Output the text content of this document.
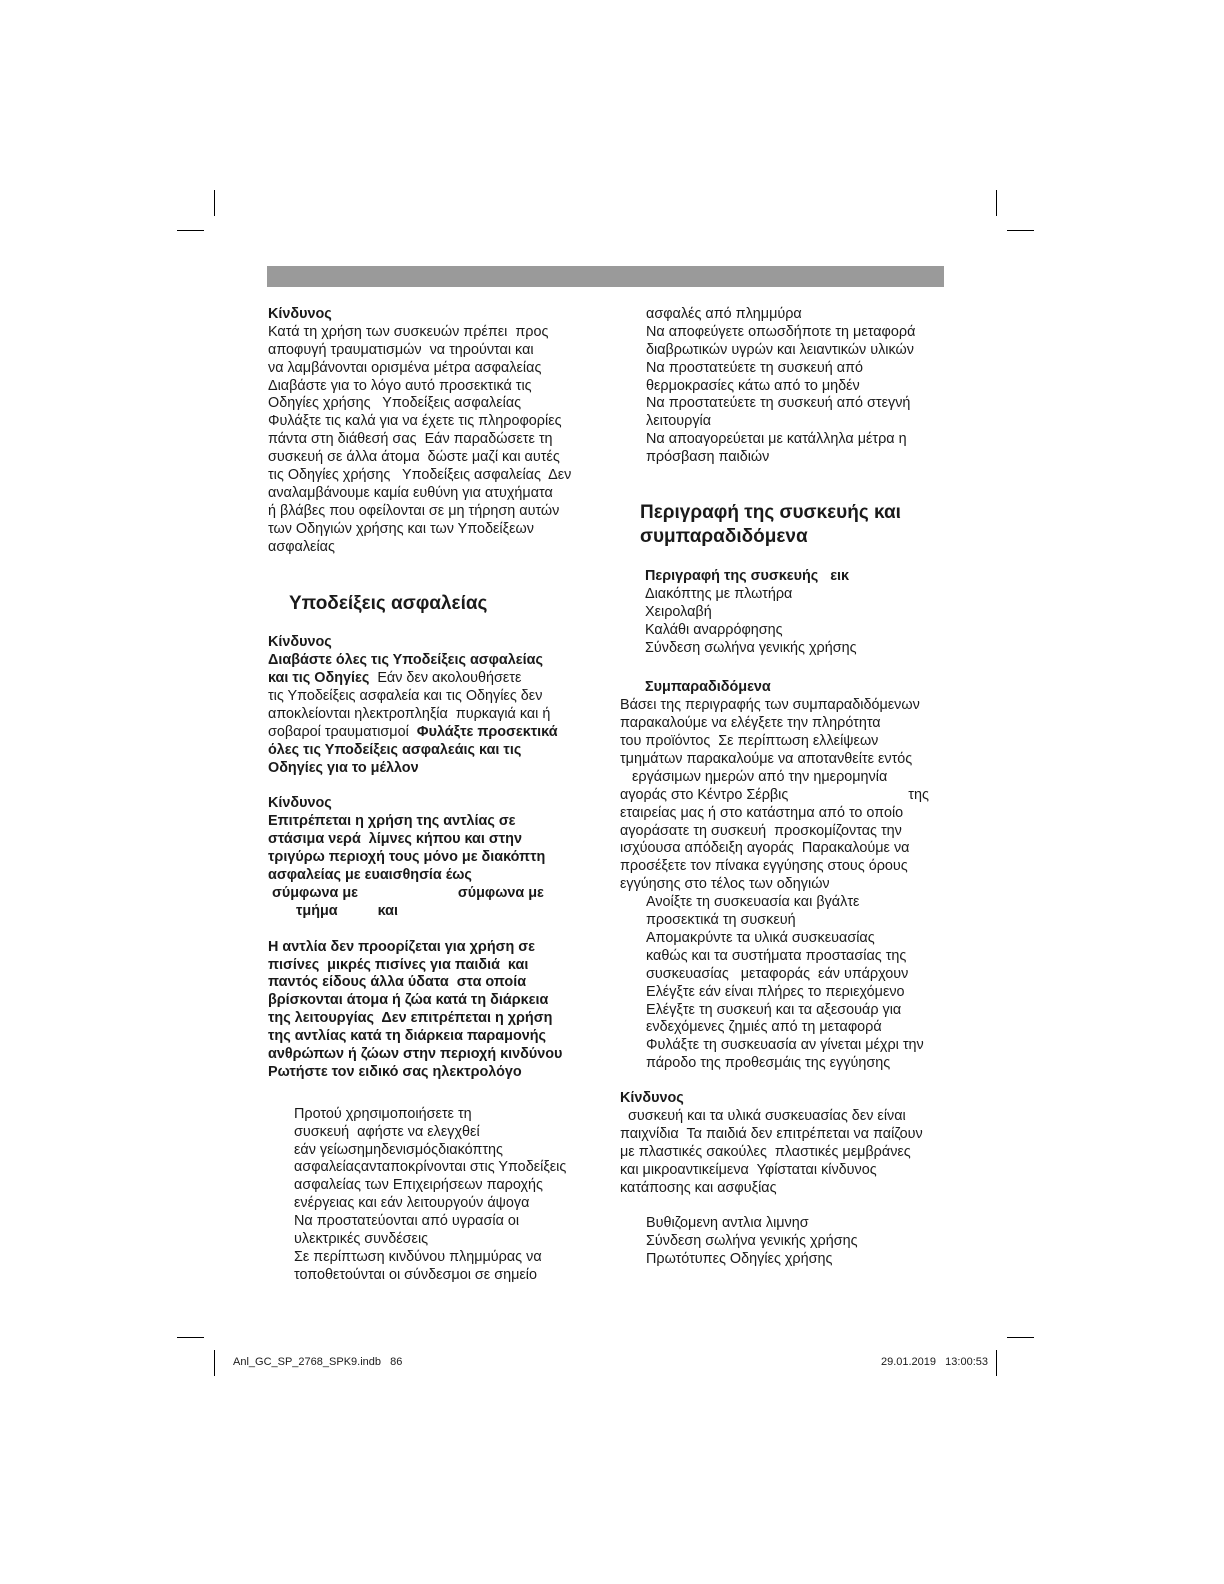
Κίνδυνος
Κατά τη χρήση των συσκευών πρέπει  προς
αποφυγή τραυματισμών  να τηρούνται και
να λαμβάνονται ορισμένα μέτρα ασφαλείας
Διαβάστε για το λόγο αυτό προσεκτικά τις
Οδηγίες χρήσης   Υποδείξεις ασφαλείας
Φυλάξτε τις καλά για να έχετε τις πληροφορίες
πάντα στη διάθεσή σας  Εάν παραδώσετε τη
συσκευή σε άλλα άτομα  δώστε μαζί και αυτές
τις Οδηγίες χρήσης   Υποδείξεις ασφαλείας  Δεν
αναλαμβάνουμε καμία ευθύνη για ατυχήματα
ή βλάβες που οφείλονται σε μη τήρηση αυτών
των Οδηγιών χρήσης και των Υποδείξεων
ασφαλείας
Υποδείξεις ασφαλείας
Κίνδυνος
Διαβάστε όλες τις Υποδείξεις ασφαλείας
και τις Οδηγίες  Εάν δεν ακολουθήσετε
τις Υποδείξεις ασφαλεία και τις Οδηγίες δεν
αποκλείονται ηλεκτροπληξία  πυρκαγιά και ή
σοβαροί τραυματισμοί  Φυλάξτε προσεκτικά
όλες τις Υποδείξεις ασφαλεάις και τις
Οδηγίες για το μέλλον
Κίνδυνος
Επιτρέπεται η χρήση της αντλίας σε
στάσιμα νερά  λίμνες κήπου και στην
τριγύρω περιοχή τους μόνο με διακόπτη
ασφαλείας με ευαισθησία έως
σύμφωνα με                         σύμφωνα με
τμήμα          και
Η αντλία δεν προορίζεται για χρήση σε
πισίνες  μικρές πισίνες για παιδιά  και
παντός είδους άλλα ύδατα  στα οποία
βρίσκονται άτομα ή ζώα κατά τη διάρκεια
της λειτουργίας  Δεν επιτρέπεται η χρήση
της αντλίας κατά τη διάρκεια παραμονής
ανθρώπων ή ζώων στην περιοχή κινδύνου
Ρωτήστε τον ειδικό σας ηλεκτρολόγο
Προτού χρησιμοποιήσετε τη
συσκευή  αφήστε να ελεγχθεί
εάν γείωσημηδενισμόςδιακόπτης
ασφαλείαςανταποκρίνονται στις Υποδείξεις
ασφαλείας των Επιχειρήσεων παροχής
ενέργειας και εάν λειτουργούν άψογα
Να προστατεύονται από υγρασία οι
υλεκτρικές συνδέσεις
Σε περίπτωση κινδύνου πλημμύρας να
τοποθετούνται οι σύνδεσμοι σε σημείο
ασφαλές από πλημμύρα
Να αποφεύγετε οπωσδήποτε τη μεταφορά
διαβρωτικών υγρών και λειαντικών υλικών
Να προστατεύετε τη συσκευή από
θερμοκρασίες κάτω από το μηδέν
Να προστατεύετε τη συσκευή από στεγνή
λειτουργία
Να αποαγορεύεται με κατάλληλα μέτρα η
πρόσβαση παιδιών
Περιγραφή της συσκευής και
συμπαραδιδόμενα
Περιγραφή της συσκευής   εικ
Διακόπτης με πλωτήρα
Χειρολαβή
Καλάθι αναρρόφησης
Σύνδεση σωλήνα γενικής χρήσης
Συμπαραδιδόμενα
Βάσει της περιγραφής των συμπαραδιδόμενων
παρακαλούμε να ελέγξετε την πληρότητα
του προϊόντος  Σε περίπτωση ελλείψεων
τμημάτων παρακαλούμε να αποτανθείτε εντός
εργάσιμων ημερών από την ημερομηνία
αγοράς στο Κέντρο Σέρβις                              της
εταιρείας μας ή στο κατάστημα από το οποίο
αγοράσατε τη συσκευή  προσκομίζοντας την
ισχύουσα απόδειξη αγοράς  Παρακαλούμε να
προσέξετε τον πίνακα εγγύησης στους όρους
εγγύησης στο τέλος των οδηγιών
Ανοίξτε τη συσκευασία και βγάλτε
προσεκτικά τη συσκευή
Απομακρύντε τα υλικά συσκευασίας
καθώς και τα συστήματα προστασίας της
συσκευασίας   μεταφοράς  εάν υπάρχουν
Ελέγξτε εάν είναι πλήρες το περιεχόμενο
Ελέγξτε τη συσκευή και τα αξεσουάρ για
ενδεχόμενες ζημιές από τη μεταφορά
Φυλάξτε τη συσκευασία αν γίνεται μέχρι την
πάροδο της προθεσμάις της εγγύησης
Κίνδυνος
συσκευή και τα υλικά συσκευασίας δεν είναι
παιχνίδια  Τα παιδιά δεν επιτρέπεται να παίζουν
με πλαστικές σακούλες  πλαστικές μεμβράνες
και μικροαντικείμενα  Υφίσταται κίνδυνος
κατάποσης και ασφυξίας
Βυθιζομενη αντλια λιμνησ
Σύνδεση σωλήνα γενικής χρήσης
Πρωτότυπες Οδηγίες χρήσης
Anl_GC_SP_2768_SPK9.indb   86	29.01.2019   13:00:53
